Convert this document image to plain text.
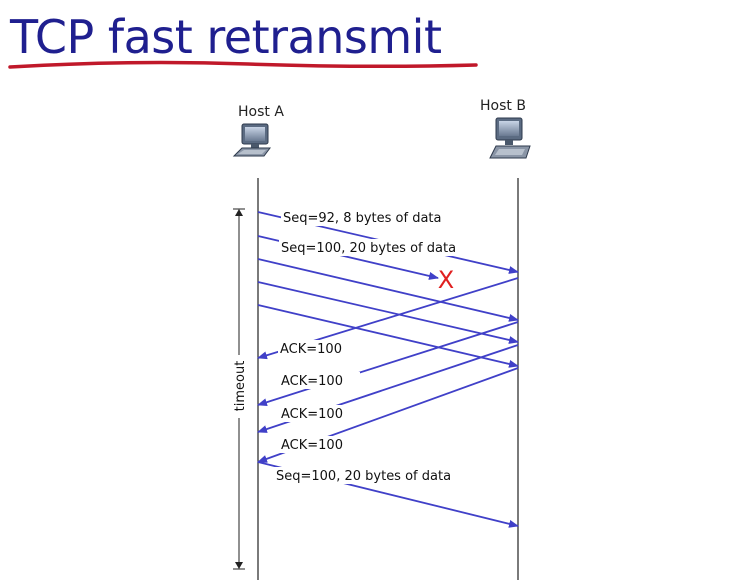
TCP fast retransmit
Host A	Host B
timeout
X
Seq=92, 8 bytes of data
Seq=100, 20 bytes of data
ACK=100
ACK=100
ACK=100
ACK=100
Seq=100, 20 bytes of data
